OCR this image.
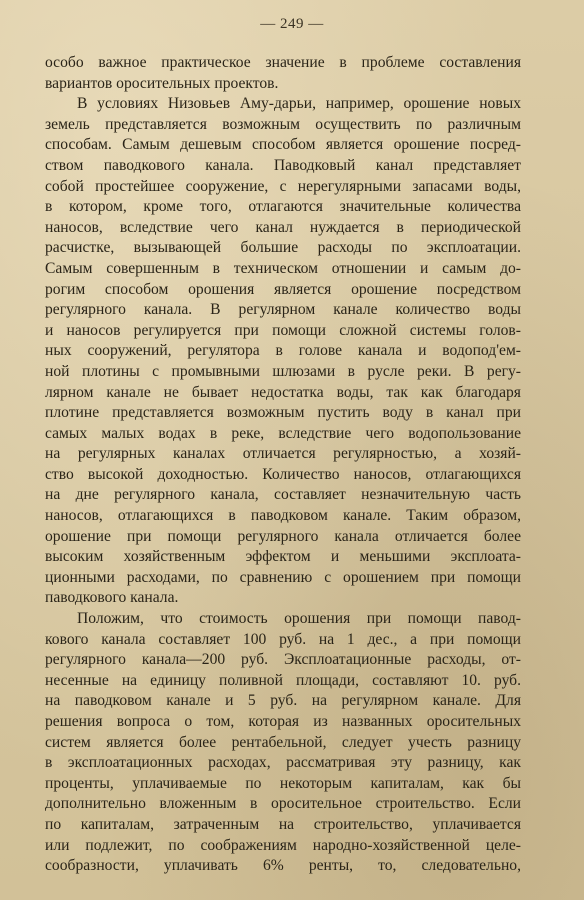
— 249 —
особо важное практическое значение в проблеме составления
вариантов оросительных проектов.
В условиях Низовьев Аму-дарьи, например, орошение новых
земель представляется возможным осуществить по различным
способам. Самым дешевым способом является орошение посред-
ством паводкового канала. Паводковый канал представляет
собой простейшее сооружение, с нерегулярными запасами воды,
в котором, кроме того, отлагаются значительные количества
наносов, вследствие чего канал нуждается в периодической
расчистке, вызывающей большие расходы по эксплоатации.
Самым совершенным в техническом отношении и самым до-
рогим способом орошения является орошение посредством
регулярного канала. В регулярном канале количество воды
и наносов регулируется при помощи сложной системы голов-
ных сооружений, регулятора в голове канала и водопод'ем-
ной плотины с промывными шлюзами в русле реки. В регу-
лярном канале не бывает недостатка воды, так как благодаря
плотине представляется возможным пустить воду в канал при
самых малых водах в реке, вследствие чего водопользование
на регулярных каналах отличается регулярностью, а хозяй-
ство высокой доходностью. Количество наносов, отлагающихся
на дне регулярного канала, составляет незначительную часть
наносов, отлагающихся в паводковом канале. Таким образом,
орошение при помощи регулярного канала отличается более
высоким хозяйственным эффектом и меньшими эксплоата-
ционными расходами, по сравнению с орошением при помощи
паводкового канала.
Положим, что стоимость орошения при помощи павод-
кового канала составляет 100 руб. на 1 дес., а при помощи
регулярного канала—200 руб. Эксплоатационные расходы, от-
несенные на единицу поливной площади, составляют 10. руб.
на паводковом канале и 5 руб. на регулярном канале. Для
решения вопроса о том, которая из названных оросительных
систем является более рентабельной, следует учесть разницу
в эксплоатационных расходах, рассматривая эту разницу, как
проценты, уплачиваемые по некоторым капиталам, как бы
дополнительно вложенным в оросительное строительство. Если
по капиталам, затраченным на строительство, уплачивается
или подлежит, по соображениям народно-хозяйственной целе-
сообразности, уплачивать 6% ренты, то, следовательно,
